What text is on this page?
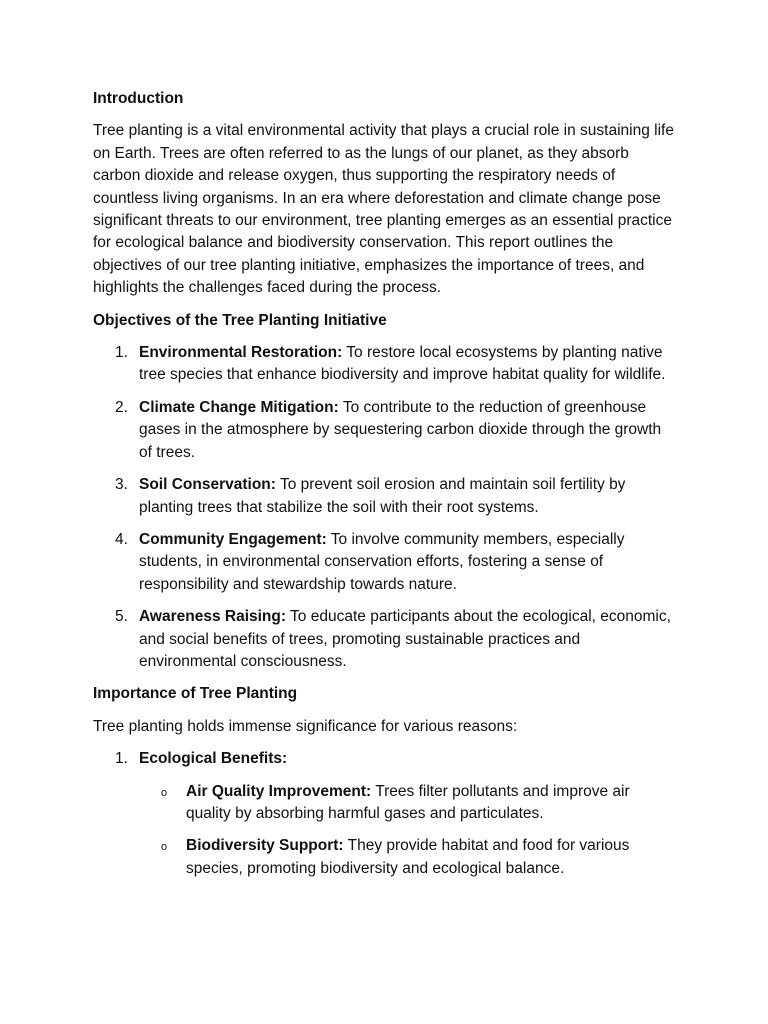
Introduction
Tree planting is a vital environmental activity that plays a crucial role in sustaining life on Earth. Trees are often referred to as the lungs of our planet, as they absorb carbon dioxide and release oxygen, thus supporting the respiratory needs of countless living organisms. In an era where deforestation and climate change pose significant threats to our environment, tree planting emerges as an essential practice for ecological balance and biodiversity conservation. This report outlines the objectives of our tree planting initiative, emphasizes the importance of trees, and highlights the challenges faced during the process.
Objectives of the Tree Planting Initiative
1. Environmental Restoration: To restore local ecosystems by planting native tree species that enhance biodiversity and improve habitat quality for wildlife.
2. Climate Change Mitigation: To contribute to the reduction of greenhouse gases in the atmosphere by sequestering carbon dioxide through the growth of trees.
3. Soil Conservation: To prevent soil erosion and maintain soil fertility by planting trees that stabilize the soil with their root systems.
4. Community Engagement: To involve community members, especially students, in environmental conservation efforts, fostering a sense of responsibility and stewardship towards nature.
5. Awareness Raising: To educate participants about the ecological, economic, and social benefits of trees, promoting sustainable practices and environmental consciousness.
Importance of Tree Planting
Tree planting holds immense significance for various reasons:
1. Ecological Benefits:
o Air Quality Improvement: Trees filter pollutants and improve air quality by absorbing harmful gases and particulates.
o Biodiversity Support: They provide habitat and food for various species, promoting biodiversity and ecological balance.
